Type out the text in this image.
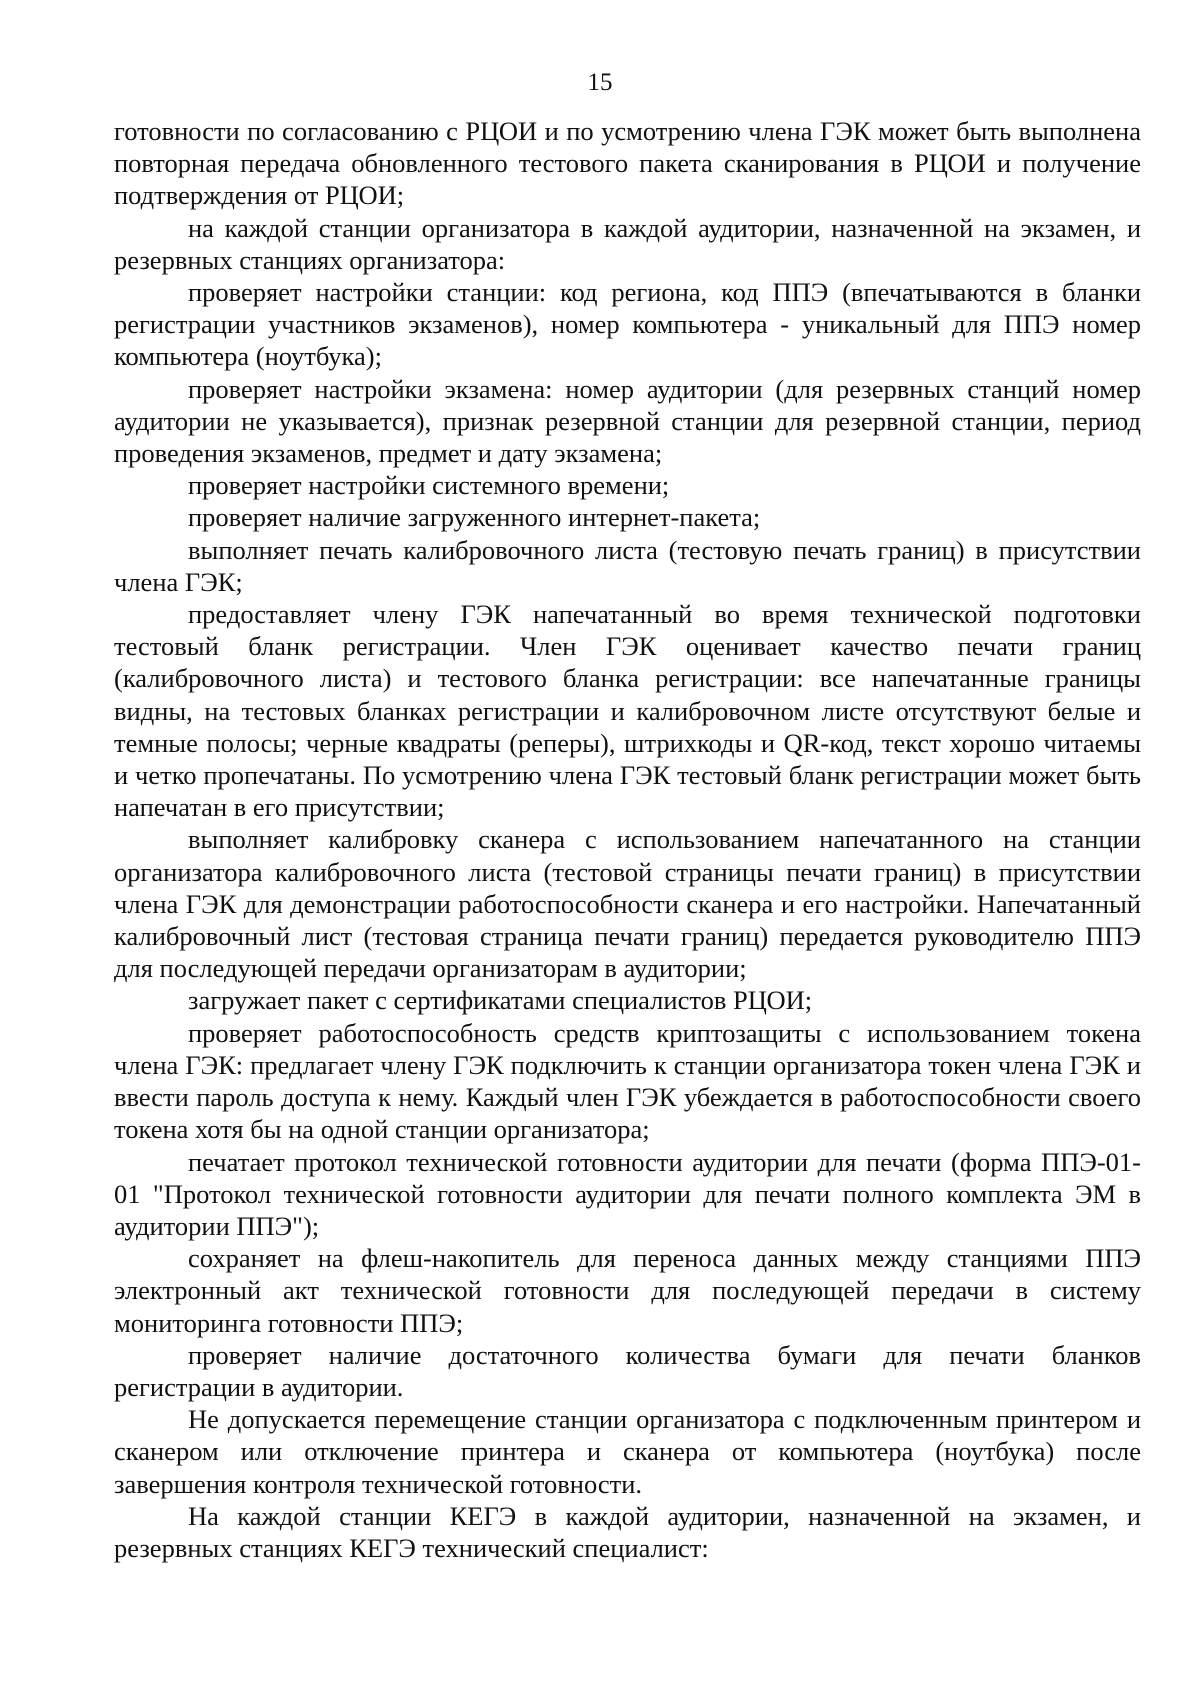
15

готовности по согласованию с РЦОИ и по усмотрению члена ГЭК может быть выполнена повторная передача обновленного тестового пакета сканирования в РЦОИ и получение подтверждения от РЦОИ;

на каждой станции организатора в каждой аудитории, назначенной на экзамен, и резервных станциях организатора:

проверяет настройки станции: код региона, код ППЭ (впечатываются в бланки регистрации участников экзаменов), номер компьютера - уникальный для ППЭ номер компьютера (ноутбука);

проверяет настройки экзамена: номер аудитории (для резервных станций номер аудитории не указывается), признак резервной станции для резервной станции, период проведения экзаменов, предмет и дату экзамена;

проверяет настройки системного времени;

проверяет наличие загруженного интернет-пакета;

выполняет печать калибровочного листа (тестовую печать границ) в присутствии члена ГЭК;

предоставляет члену ГЭК напечатанный во время технической подготовки тестовый бланк регистрации. Член ГЭК оценивает качество печати границ (калибровочного листа) и тестового бланка регистрации: все напечатанные границы видны, на тестовых бланках регистрации и калибровочном листе отсутствуют белые и темные полосы; черные квадраты (реперы), штрихкоды и QR-код, текст хорошо читаемы и четко пропечатаны. По усмотрению члена ГЭК тестовый бланк регистрации может быть напечатан в его присутствии;

выполняет калибровку сканера с использованием напечатанного на станции организатора калибровочного листа (тестовой страницы печати границ) в присутствии члена ГЭК для демонстрации работоспособности сканера и его настройки. Напечатанный калибровочный лист (тестовая страница печати границ) передается руководителю ППЭ для последующей передачи организаторам в аудитории;

загружает пакет с сертификатами специалистов РЦОИ;

проверяет работоспособность средств криптозащиты с использованием токена члена ГЭК: предлагает члену ГЭК подключить к станции организатора токен члена ГЭК и ввести пароль доступа к нему. Каждый член ГЭК убеждается в работоспособности своего токена хотя бы на одной станции организатора;

печатает протокол технической готовности аудитории для печати (форма ППЭ-01-01 "Протокол технической готовности аудитории для печати полного комплекта ЭМ в аудитории ППЭ");

сохраняет на флеш-накопитель для переноса данных между станциями ППЭ электронный акт технической готовности для последующей передачи в систему мониторинга готовности ППЭ;

проверяет наличие достаточного количества бумаги для печати бланков регистрации в аудитории.

Не допускается перемещение станции организатора с подключенным принтером и сканером или отключение принтера и сканера от компьютера (ноутбука) после завершения контроля технической готовности.

На каждой станции КЕГЭ в каждой аудитории, назначенной на экзамен, и резервных станциях КЕГЭ технический специалист:
